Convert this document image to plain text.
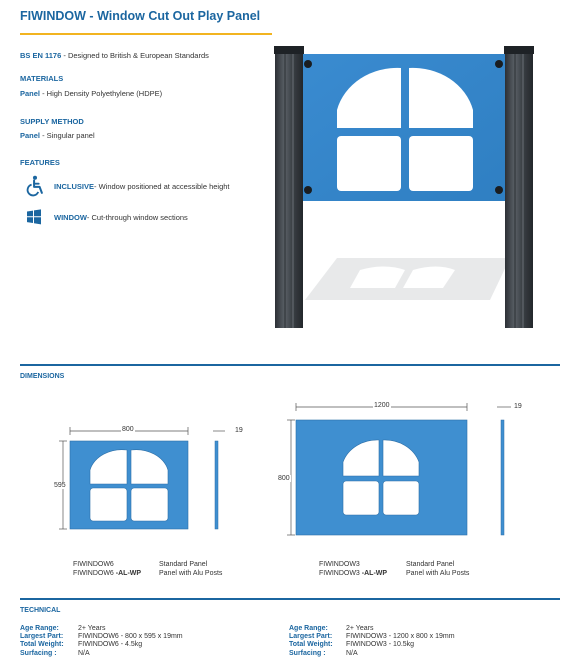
FIWINDOW - Window Cut Out Play Panel
BS EN 1176 - Designed to British & European Standards
MATERIALS
Panel - High Density Polyethylene (HDPE)
SUPPLY METHOD
Panel - Singular panel
FEATURES
INCLUSIVE - Window positioned at accessible height
WINDOW - Cut-through window sections
DIMENSIONS
800
595
19
1200
800
19
FIWINDOW6
FIWINDOW6 -AL-WP
Standard Panel
Panel with Alu Posts
FIWINDOW3
FIWINDOW3 -AL-WP
Standard Panel
Panel with Alu Posts
TECHNICAL
Age Range:
Largest Part:
Total Weight:
Surfacing :
2+ Years
FIWINDOW6 - 800 x 595 x 19mm
FIWINDOW6 - 4.5kg
N/A
Age Range:
Largest Part:
Total Weight:
Surfacing :
2+ Years
FIWINDOW3 - 1200 x 800 x 19mm
FIWINDOW3 - 10.5kg
N/A
